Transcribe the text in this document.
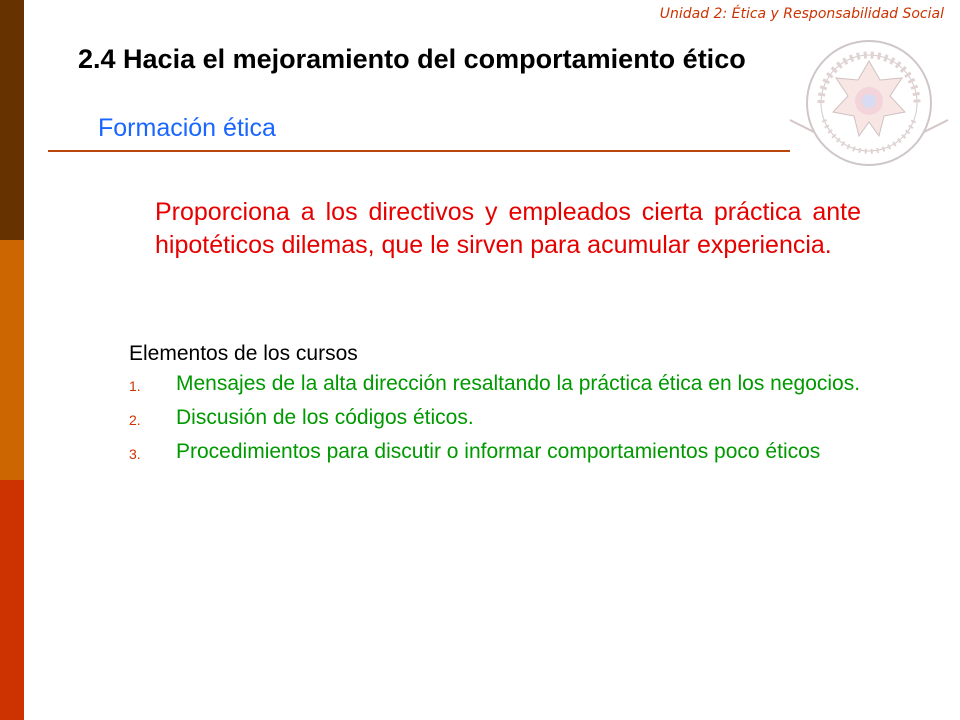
Unidad 2: Ética y Responsabilidad Social
2.4 Hacia el mejoramiento del comportamiento ético
Formación ética

Proporciona a los directivos y empleados cierta práctica ante hipotéticos dilemas, que le sirven para acumular experiencia.

Elementos de los cursos
1.	Mensajes de la alta dirección resaltando la práctica ética en los negocios.
2.	Discusión de los códigos éticos.
3.	Procedimientos para discutir o informar comportamientos poco éticos
